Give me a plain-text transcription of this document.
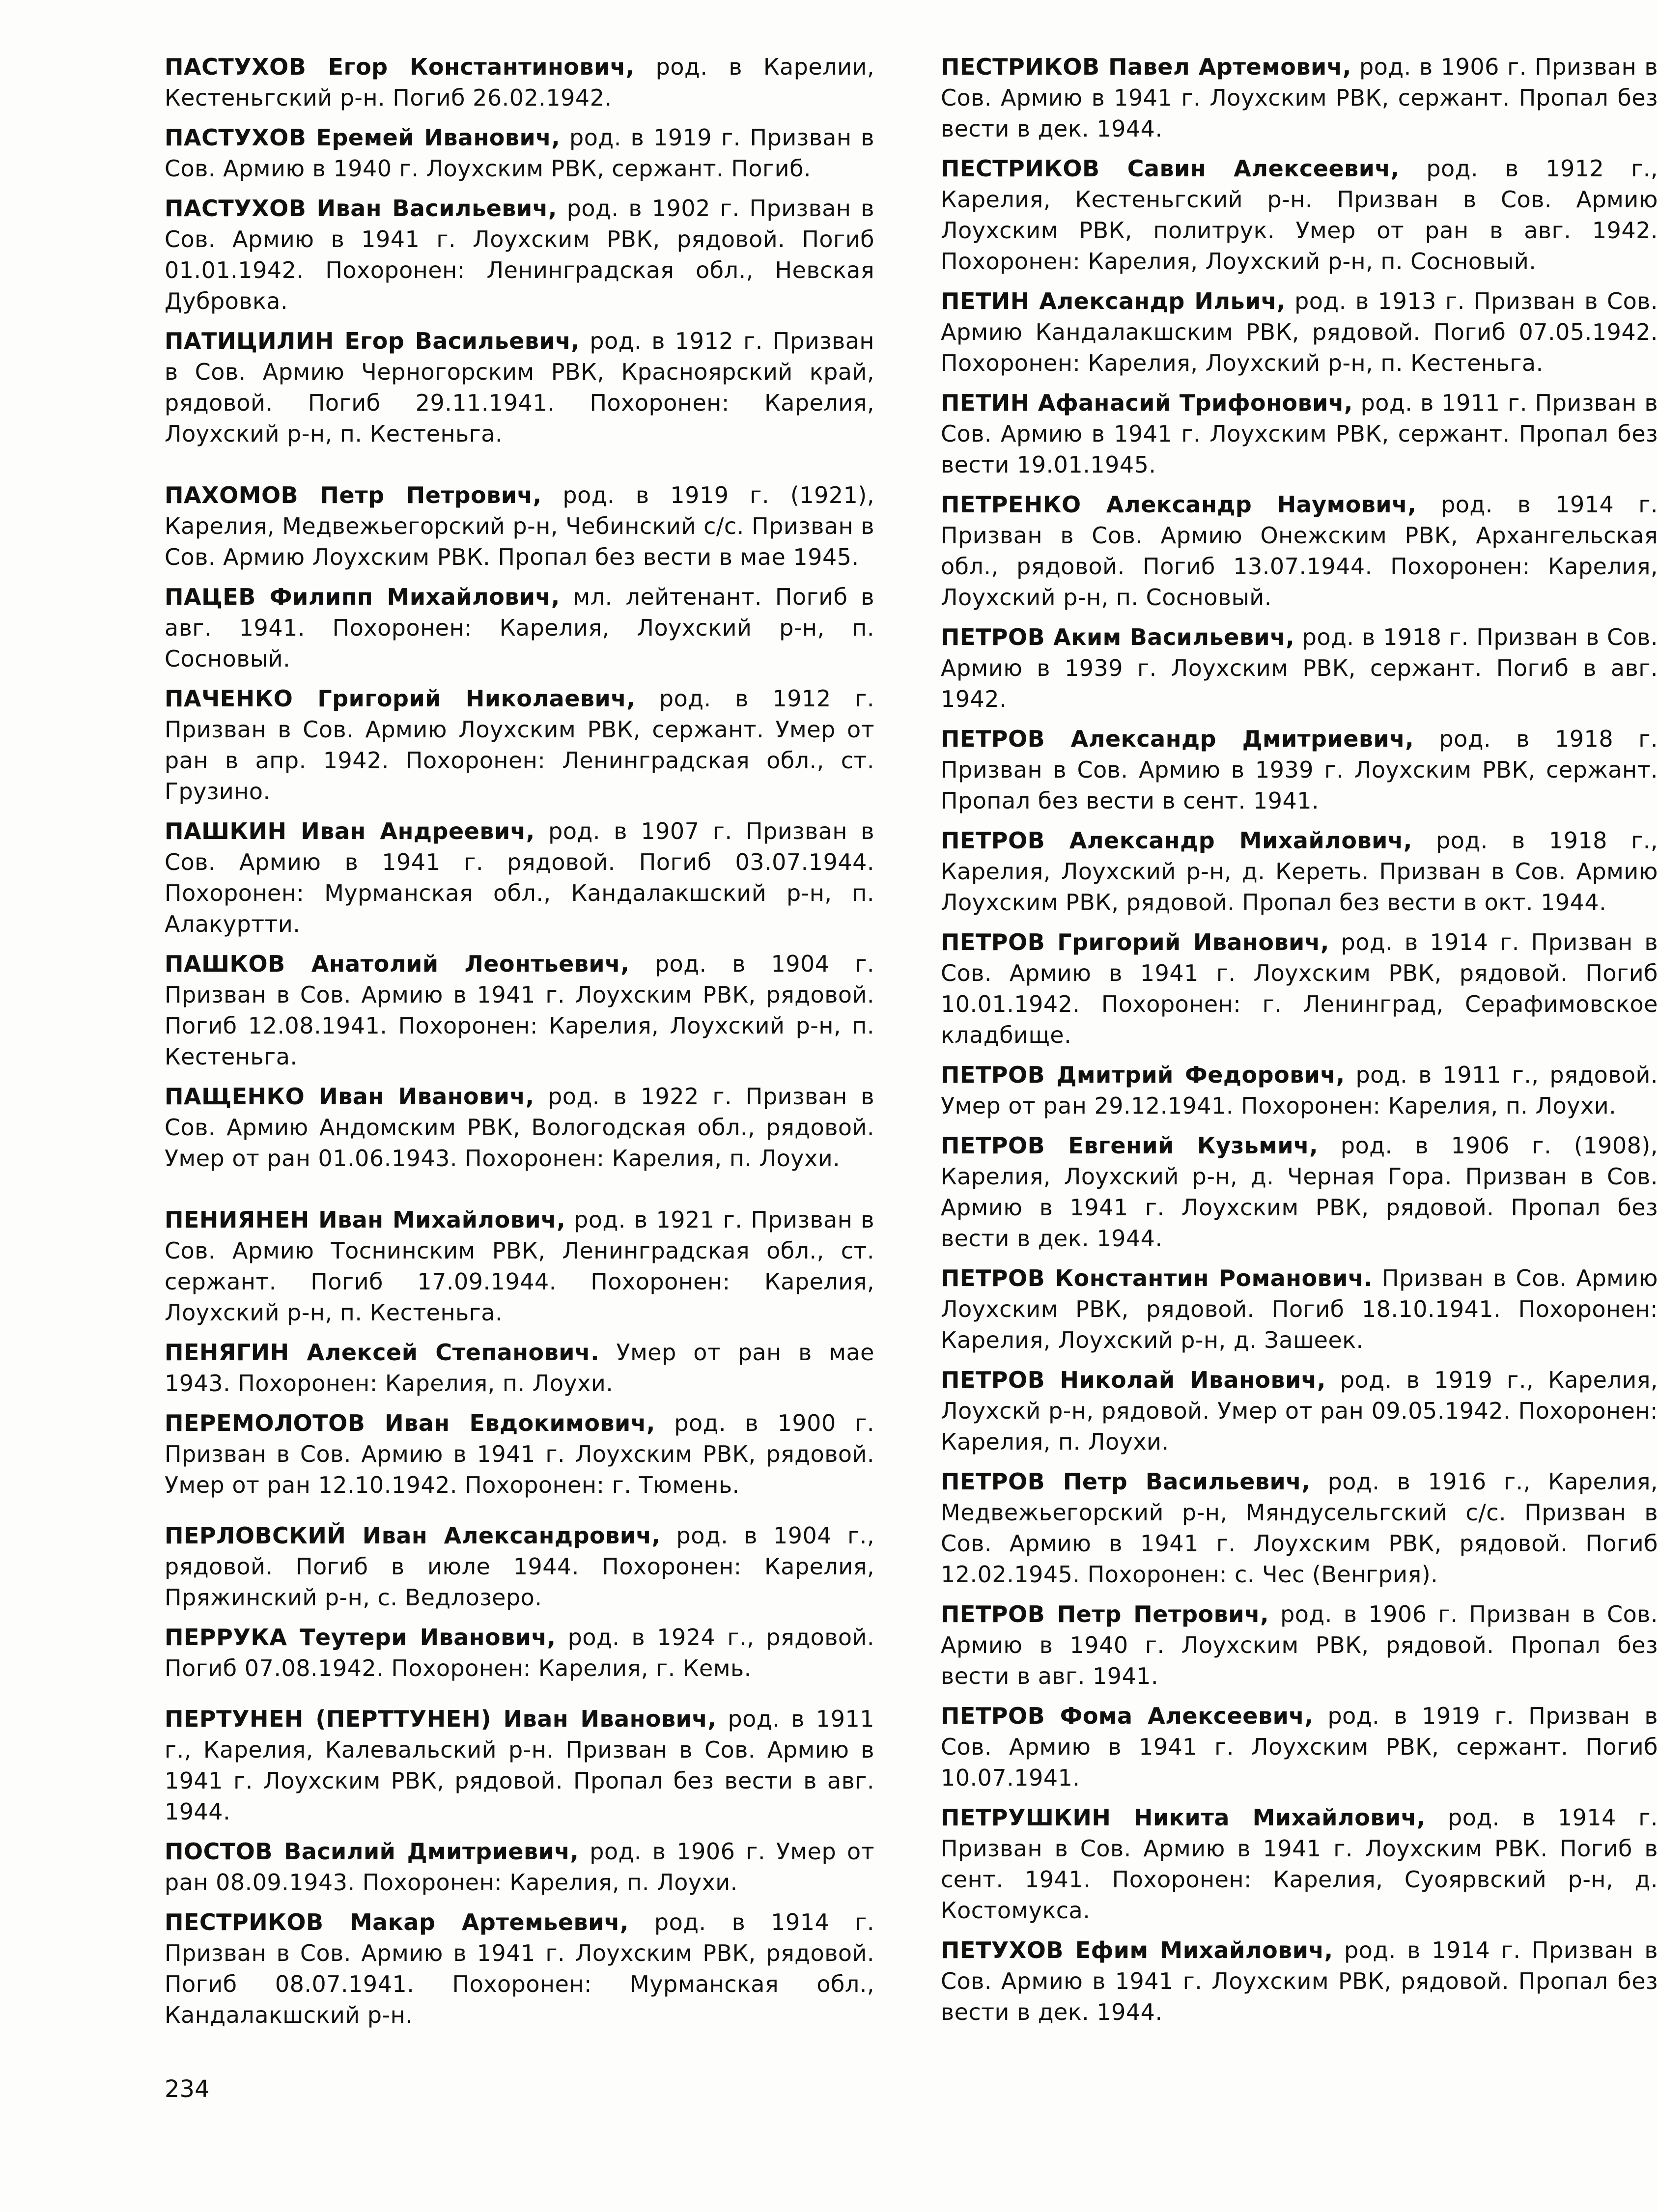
ПАСТУХОВ Егор Константинович, род. в Карелии, Кестеньгский р-н. Погиб 26.02.1942.

ПАСТУХОВ Еремей Иванович, род. в 1919 г. Призван в Сов. Армию в 1940 г. Лоухским РВК, сержант. Погиб.

ПАСТУХОВ Иван Васильевич, род. в 1902 г. Призван в Сов. Армию в 1941 г. Лоухским РВК, рядовой. Погиб 01.01.1942. Похоронен: Ленинградская обл., Невская Дубровка.

ПАТИЦИЛИН Егор Васильевич, род. в 1912 г. Призван в Сов. Армию Черногорским РВК, Красноярский край, рядовой. Погиб 29.11.1941. Похоронен: Карелия, Лоухский р-н, п. Кестеньга.

ПАХОМОВ Петр Петрович, род. в 1919 г. (1921), Карелия, Медвежьегорский р-н, Чебинский с/с. Призван в Сов. Армию Лоухским РВК. Пропал без вести в мае 1945.

ПАЦЕВ Филипп Михайлович, мл. лейтенант. Погиб в авг. 1941. Похоронен: Карелия, Лоухский р-н, п. Сосновый.

ПАЧЕНКО Григорий Николаевич, род. в 1912 г. Призван в Сов. Армию Лоухским РВК, сержант. Умер от ран в апр. 1942. Похоронен: Ленинградская обл., ст. Грузино.

ПАШКИН Иван Андреевич, род. в 1907 г. Призван в Сов. Армию в 1941 г. рядовой. Погиб 03.07.1944. Похоронен: Мурманская обл., Кандалакшский р-н, п. Алакуртти.

ПАШКОВ Анатолий Леонтьевич, род. в 1904 г. Призван в Сов. Армию в 1941 г. Лоухским РВК, рядовой. Погиб 12.08.1941. Похоронен: Карелия, Лоухский р-н, п. Кестеньга.

ПАЩЕНКО Иван Иванович, род. в 1922 г. Призван в Сов. Армию Андомским РВК, Вологодская обл., рядовой. Умер от ран 01.06.1943. Похоронен: Карелия, п. Лоухи.

ПЕНИЯНЕН Иван Михайлович, род. в 1921 г. Призван в Сов. Армию Тоснинским РВК, Ленинградская обл., ст. сержант. Погиб 17.09.1944. Похоронен: Карелия, Лоухский р-н, п. Кестеньга.

ПЕНЯГИН Алексей Степанович. Умер от ран в мае 1943. Похоронен: Карелия, п. Лоухи.

ПЕРЕМОЛОТОВ Иван Евдокимович, род. в 1900 г. Призван в Сов. Армию в 1941 г. Лоухским РВК, рядовой. Умер от ран 12.10.1942. Похоронен: г. Тюмень.

ПЕРЛОВСКИЙ Иван Александрович, род. в 1904 г., рядовой. Погиб в июле 1944. Похоронен: Карелия, Пряжинский р-н, с. Ведлозеро.

ПЕРРУКА Теутери Иванович, род. в 1924 г., рядовой. Погиб 07.08.1942. Похоронен: Карелия, г. Кемь.

ПЕРТУНЕН (ПЕРТТУНЕН) Иван Иванович, род. в 1911 г., Карелия, Калевальский р-н. Призван в Сов. Армию в 1941 г. Лоухским РВК, рядовой. Пропал без вести в авг. 1944.

ПОСТОВ Василий Дмитриевич, род. в 1906 г. Умер от ран 08.09.1943. Похоронен: Карелия, п. Лоухи.

ПЕСТРИКОВ Макар Артемьевич, род. в 1914 г. Призван в Сов. Армию в 1941 г. Лоухским РВК, рядовой. Погиб 08.07.1941. Похоронен: Мурманская обл., Кандалакшский р-н.

ПЕСТРИКОВ Павел Артемович, род. в 1906 г. Призван в Сов. Армию в 1941 г. Лоухским РВК, сержант. Пропал без вести в дек. 1944.

ПЕСТРИКОВ Савин Алексеевич, род. в 1912 г., Карелия, Кестеньгский р-н. Призван в Сов. Армию Лоухским РВК, политрук. Умер от ран в авг. 1942. Похоронен: Карелия, Лоухский р-н, п. Сосновый.

ПЕТИН Александр Ильич, род. в 1913 г. Призван в Сов. Армию Кандалакшским РВК, рядовой. Погиб 07.05.1942. Похоронен: Карелия, Лоухский р-н, п. Кестеньга.

ПЕТИН Афанасий Трифонович, род. в 1911 г. Призван в Сов. Армию в 1941 г. Лоухским РВК, сержант. Пропал без вести 19.01.1945.

ПЕТРЕНКО Александр Наумович, род. в 1914 г. Призван в Сов. Армию Онежским РВК, Архангельская обл., рядовой. Погиб 13.07.1944. Похоронен: Карелия, Лоухский р-н, п. Сосновый.

ПЕТРОВ Аким Васильевич, род. в 1918 г. Призван в Сов. Армию в 1939 г. Лоухским РВК, сержант. Погиб в авг. 1942.

ПЕТРОВ Александр Дмитриевич, род. в 1918 г. Призван в Сов. Армию в 1939 г. Лоухским РВК, сержант. Пропал без вести в сент. 1941.

ПЕТРОВ Александр Михайлович, род. в 1918 г., Карелия, Лоухский р-н, д. Кереть. Призван в Сов. Армию Лоухским РВК, рядовой. Пропал без вести в окт. 1944.

ПЕТРОВ Григорий Иванович, род. в 1914 г. Призван в Сов. Армию в 1941 г. Лоухским РВК, рядовой. Погиб 10.01.1942. Похоронен: г. Ленинград, Серафимовское кладбище.

ПЕТРОВ Дмитрий Федорович, род. в 1911 г., рядовой. Умер от ран 29.12.1941. Похоронен: Карелия, п. Лоухи.

ПЕТРОВ Евгений Кузьмич, род. в 1906 г. (1908), Карелия, Лоухский р-н, д. Черная Гора. Призван в Сов. Армию в 1941 г. Лоухским РВК, рядовой. Пропал без вести в дек. 1944.

ПЕТРОВ Константин Романович. Призван в Сов. Армию Лоухским РВК, рядовой. Погиб 18.10.1941. Похоронен: Карелия, Лоухский р-н, д. Зашеек.

ПЕТРОВ Николай Иванович, род. в 1919 г., Карелия, Лоухскй р-н, рядовой. Умер от ран 09.05.1942. Похоронен: Карелия, п. Лоухи.

ПЕТРОВ Петр Васильевич, род. в 1916 г., Карелия, Медвежьегорский р-н, Мяндусельгский с/с. Призван в Сов. Армию в 1941 г. Лоухским РВК, рядовой. Погиб 12.02.1945. Похоронен: с. Чес (Венгрия).

ПЕТРОВ Петр Петрович, род. в 1906 г. Призван в Сов. Армию в 1940 г. Лоухским РВК, рядовой. Пропал без вести в авг. 1941.

ПЕТРОВ Фома Алексеевич, род. в 1919 г. Призван в Сов. Армию в 1941 г. Лоухским РВК, сержант. Погиб 10.07.1941.

ПЕТРУШКИН Никита Михайлович, род. в 1914 г. Призван в Сов. Армию в 1941 г. Лоухским РВК. Погиб в сент. 1941. Похоронен: Карелия, Суоярвский р-н, д. Костомукса.

ПЕТУХОВ Ефим Михайлович, род. в 1914 г. Призван в Сов. Армию в 1941 г. Лоухским РВК, рядовой. Пропал без вести в дек. 1944.

234
